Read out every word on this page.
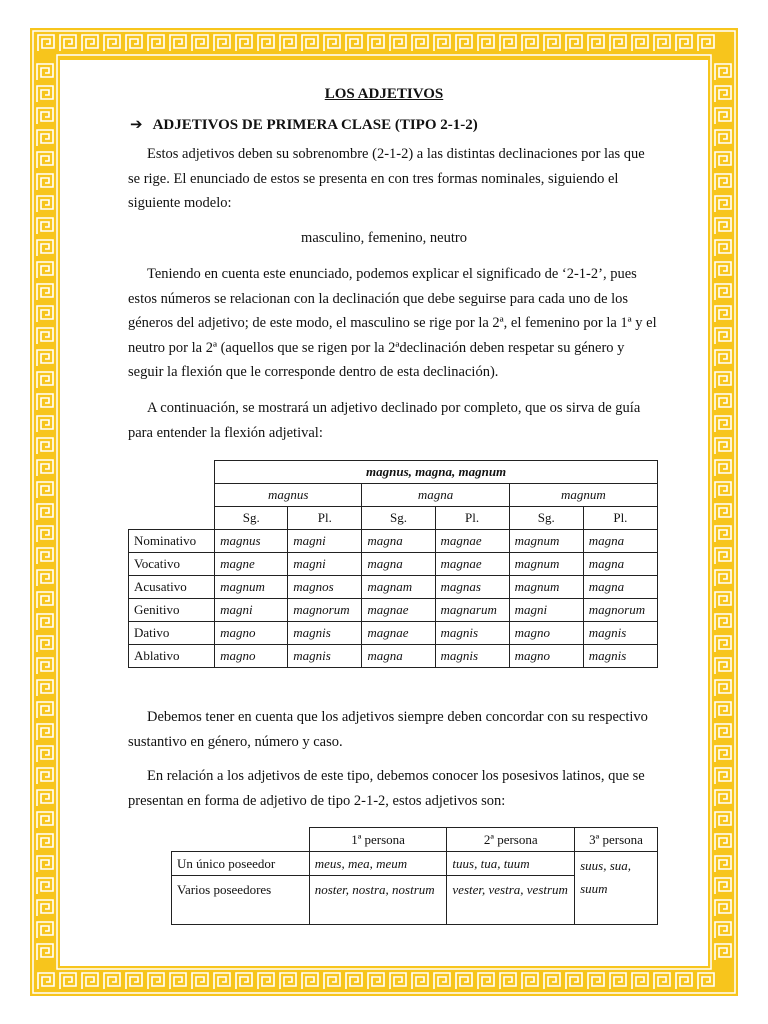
LOS ADJETIVOS
➔ ADJETIVOS DE PRIMERA CLASE (TIPO 2-1-2)

Estos adjetivos deben su sobrenombre (2-1-2) a las distintas declinaciones por las que se rige. El enunciado de estos se presenta en con tres formas nominales, siguiendo el siguiente modelo:

masculino, femenino, neutro

Teniendo en cuenta este enunciado, podemos explicar el significado de ‘2-1-2’, pues estos números se relacionan con la declinación que debe seguirse para cada uno de los géneros del adjetivo; de este modo, el masculino se rige por la 2ª, el femenino por la 1ª y el neutro por la 2ª (aquellos que se rigen por la 2ªdeclinación deben respetar su género y seguir la flexión que le corresponde dentro de esta declinación).

A continuación, se mostrará un adjetivo declinado por completo, que os sirva de guía para entender la flexión adjetival:

	magnus, magna, magnum					
	magnus		magna		magnum	
	Sg.	Pl.	Sg.	Pl.	Sg.	Pl.
Nominativo	magnus	magni	magna	magnae	magnum	magna
Vocativo	magne	magni	magna	magnae	magnum	magna
Acusativo	magnum	magnos	magnam	magnas	magnum	magna
Genitivo	magni	magnorum	magnae	magnarum	magni	magnorum
Dativo	magno	magnis	magnae	magnis	magno	magnis
Ablativo	magno	magnis	magna	magnis	magno	magnis

Debemos tener en cuenta que los adjetivos siempre deben concordar con su respectivo sustantivo en género, número y caso.

En relación a los adjetivos de este tipo, debemos conocer los posesivos latinos, que se presentan en forma de adjetivo de tipo 2-1-2, estos adjetivos son:

	1ª persona	2ª persona	3ª persona
Un único poseedor	meus, mea, meum	tuus, tua, tuum	suus, sua, suum
Varios poseedores	noster, nostra, nostrum	vester, vestra, vestrum	
